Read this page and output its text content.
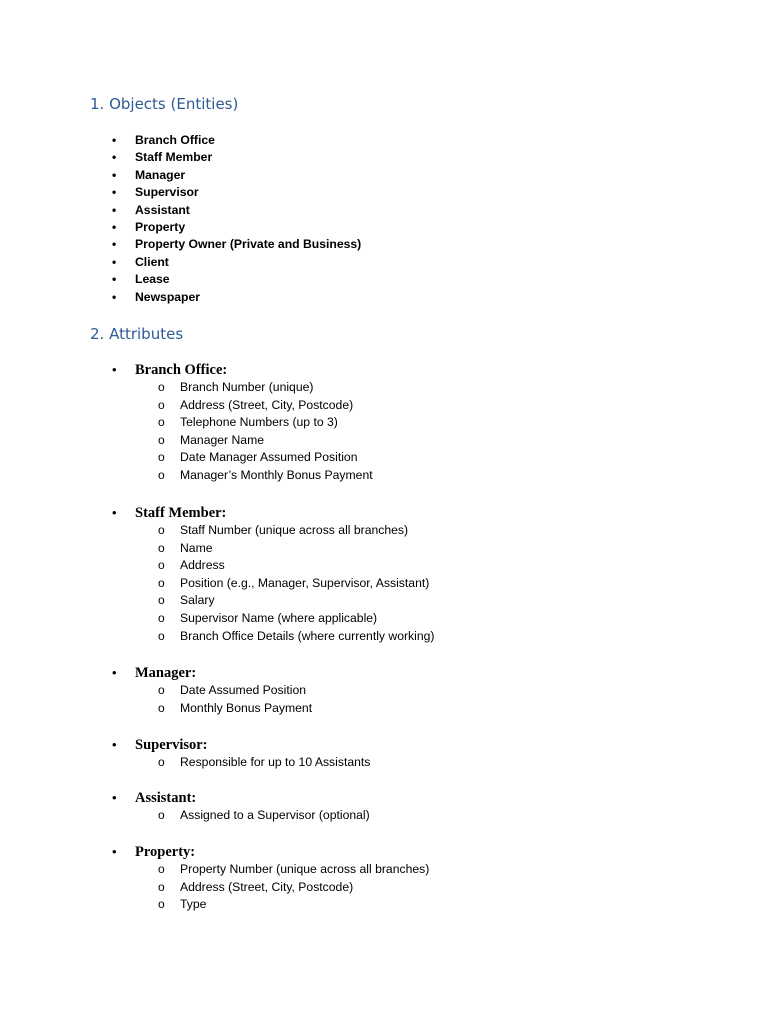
1. Objects (Entities)
• Branch Office
• Staff Member
• Manager
• Supervisor
• Assistant
• Property
• Property Owner (Private and Business)
• Client
• Lease
• Newspaper
2. Attributes
• Branch Office:
o Branch Number (unique)
o Address (Street, City, Postcode)
o Telephone Numbers (up to 3)
o Manager Name
o Date Manager Assumed Position
o Manager’s Monthly Bonus Payment
• Staff Member:
o Staff Number (unique across all branches)
o Name
o Address
o Position (e.g., Manager, Supervisor, Assistant)
o Salary
o Supervisor Name (where applicable)
o Branch Office Details (where currently working)
• Manager:
o Date Assumed Position
o Monthly Bonus Payment
• Supervisor:
o Responsible for up to 10 Assistants
• Assistant:
o Assigned to a Supervisor (optional)
• Property:
o Property Number (unique across all branches)
o Address (Street, City, Postcode)
o Type
